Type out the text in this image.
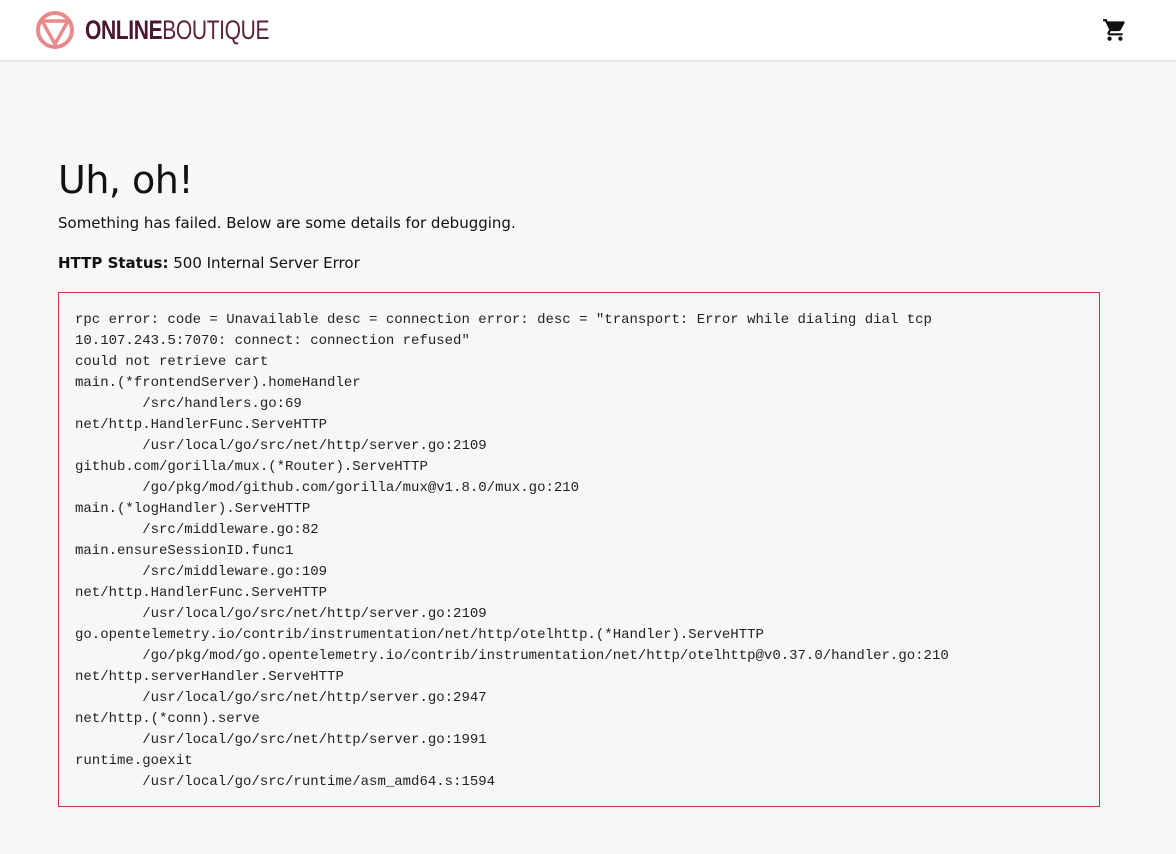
ONLINEBOUTIQUE
Uh, oh!

Something has failed. Below are some details for debugging.

HTTP Status: 500 Internal Server Error

rpc error: code = Unavailable desc = connection error: desc = "transport: Error while dialing dial tcp
10.107.243.5:7070: connect: connection refused"
could not retrieve cart
main.(*frontendServer).homeHandler
/src/handlers.go:69
net/http.HandlerFunc.ServeHTTP
/usr/local/go/src/net/http/server.go:2109
github.com/gorilla/mux.(*Router).ServeHTTP
/go/pkg/mod/github.com/gorilla/mux@v1.8.0/mux.go:210
main.(*logHandler).ServeHTTP
/src/middleware.go:82
main.ensureSessionID.func1
/src/middleware.go:109
net/http.HandlerFunc.ServeHTTP
/usr/local/go/src/net/http/server.go:2109
go.opentelemetry.io/contrib/instrumentation/net/http/otelhttp.(*Handler).ServeHTTP
/go/pkg/mod/go.opentelemetry.io/contrib/instrumentation/net/http/otelhttp@v0.37.0/handler.go:210
net/http.serverHandler.ServeHTTP
/usr/local/go/src/net/http/server.go:2947
net/http.(*conn).serve
/usr/local/go/src/net/http/server.go:1991
runtime.goexit
/usr/local/go/src/runtime/asm_amd64.s:1594
